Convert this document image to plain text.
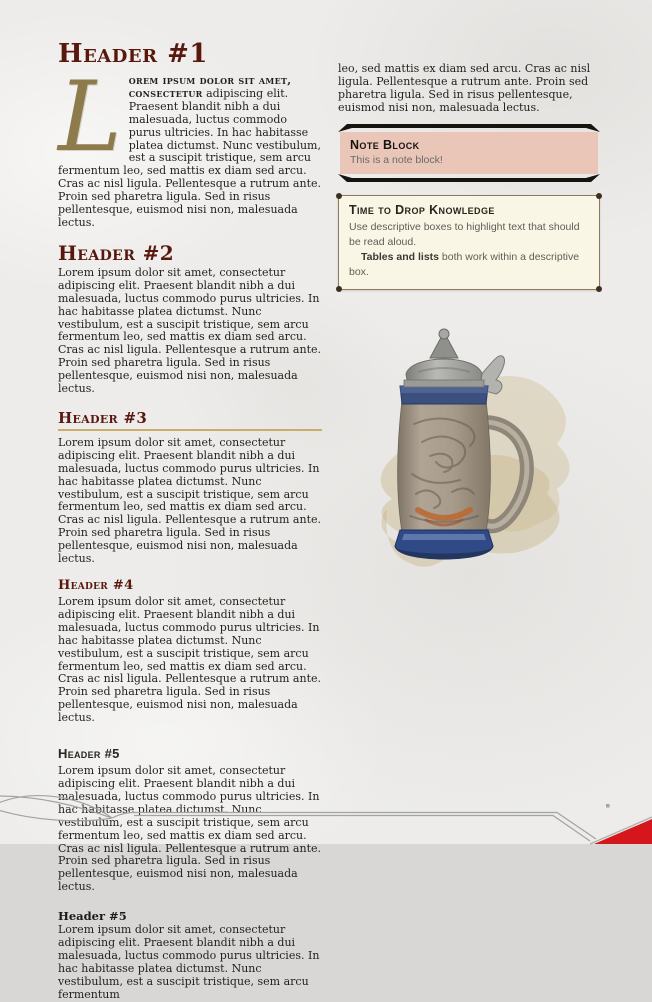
Header #1

Lorem ipsum dolor sit amet, consectetur adipiscing elit. Praesent blandit nibh a dui malesuada, luctus commodo purus ultricies. In hac habitasse platea dictumst. Nunc vestibulum, est a suscipit tristique, sem arcu fermentum leo, sed mattis ex diam sed arcu. Cras ac nisl ligula. Pellentesque a rutrum ante. Proin sed pharetra ligula. Sed in risus pellentesque, euismod nisi non, malesuada lectus.

Header #2

Lorem ipsum dolor sit amet, consectetur adipiscing elit. Praesent blandit nibh a dui malesuada, luctus commodo purus ultricies. In hac habitasse platea dictumst. Nunc vestibulum, est a suscipit tristique, sem arcu fermentum leo, sed mattis ex diam sed arcu. Cras ac nisl ligula. Pellentesque a rutrum ante. Proin sed pharetra ligula. Sed in risus pellentesque, euismod nisi non, malesuada lectus.

Header #3

Lorem ipsum dolor sit amet, consectetur adipiscing elit. Praesent blandit nibh a dui malesuada, luctus commodo purus ultricies. In hac habitasse platea dictumst. Nunc vestibulum, est a suscipit tristique, sem arcu fermentum leo, sed mattis ex diam sed arcu. Cras ac nisl ligula. Pellentesque a rutrum ante. Proin sed pharetra ligula. Sed in risus pellentesque, euismod nisi non, malesuada lectus.

Header #4

Lorem ipsum dolor sit amet, consectetur adipiscing elit. Praesent blandit nibh a dui malesuada, luctus commodo purus ultricies. In hac habitasse platea dictumst. Nunc vestibulum, est a suscipit tristique, sem arcu fermentum leo, sed mattis ex diam sed arcu. Cras ac nisl ligula. Pellentesque a rutrum ante. Proin sed pharetra ligula. Sed in risus pellentesque, euismod nisi non, malesuada lectus.

Header #5

Lorem ipsum dolor sit amet, consectetur adipiscing elit. Praesent blandit nibh a dui malesuada, luctus commodo purus ultricies. In hac habitasse platea dictumst. Nunc vestibulum, est a suscipit tristique, sem arcu fermentum leo, sed mattis ex diam sed arcu. Cras ac nisl ligula. Pellentesque a rutrum ante. Proin sed pharetra ligula. Sed in risus pellentesque, euismod nisi non, malesuada lectus.

Header #5

Lorem ipsum dolor sit amet, consectetur adipiscing elit. Praesent blandit nibh a dui malesuada, luctus commodo purus ultricies. In hac habitasse platea dictumst. Nunc vestibulum, est a suscipit tristique, sem arcu fermentum

leo, sed mattis ex diam sed arcu. Cras ac nisl ligula. Pellentesque a rutrum ante. Proin sed pharetra ligula. Sed in risus pellentesque, euismod nisi non, malesuada lectus.

Note Block
This is a note block!
Time to Drop Knowledge
Use descriptive boxes to highlight text that should be read aloud.
Tables and lists both work within a descriptive box.
